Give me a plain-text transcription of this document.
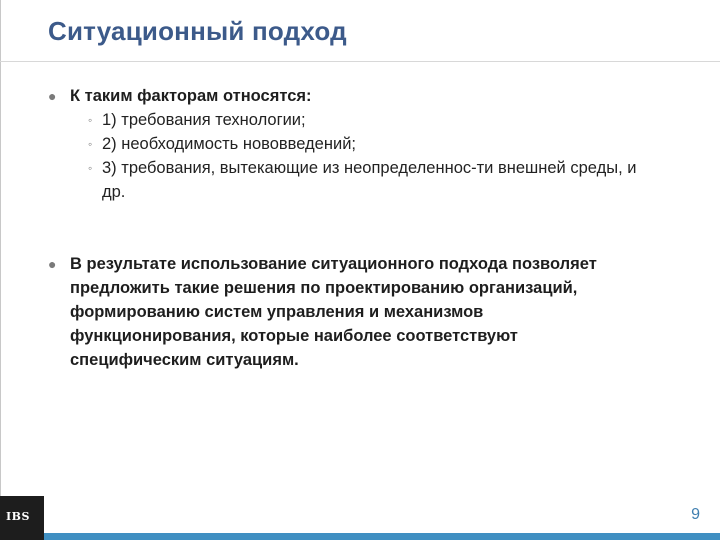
Ситуационный подход
● К таким факторам относятся:
◦ 1) требования технологии;
◦ 2) необходимость нововведений;
◦ 3) требования, вытекающие из неопределеннос-ти внешней среды, и др.
● В результате использование ситуационного подхода позволяет предложить такие решения по проектированию организаций, формированию систем управления и механизмов функционирования, которые наиболее соответствуют специфическим ситуациям.
IBS	9
